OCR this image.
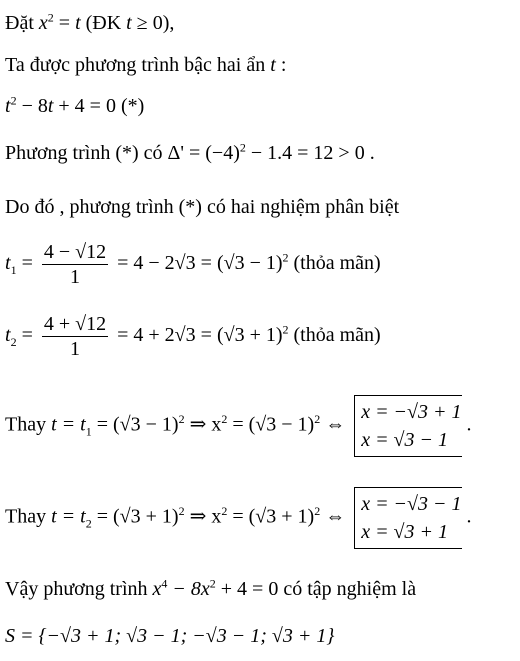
Đặt $x^2 = t$ (ĐK t ≥ 0),
Ta được phương trình bậc hai ẩn t :
$t^2 - 8t + 4 = 0$ (*)
Phương trình (*) có $\Delta' = (-4)^2 - 1.4 = 12 > 0$ .
Do đó , phương trình (*) có hai nghiệm phân biệt
$t_1 = \frac{4 - √12}{1} = 4 - 2√3 = (√3 - 1)^2$ (thỏa mãn)
$t_2 = \frac{4 + √12}{1} = 4 + 2√3 = (√3 + 1)^2$ (thỏa mãn)
Thay $t = t_1 = (√3 - 1)^2$ ⇒ $x^2 = (√3 - 1)^2$ ⇔
x = −√3 + 1
x = √3 − 1
.
Thay $t = t_2 = (√3 + 1)^2$ ⇒ $x^2 = (√3 + 1)^2$ ⇔
x = −√3 − 1
x = √3 + 1
.
Vậy phương trình $x^4 - 8x^2 + 4 = 0$ có tập nghiệm là
S = {−√3 + 1; √3 − 1; −√3 − 1; √3 + 1}
